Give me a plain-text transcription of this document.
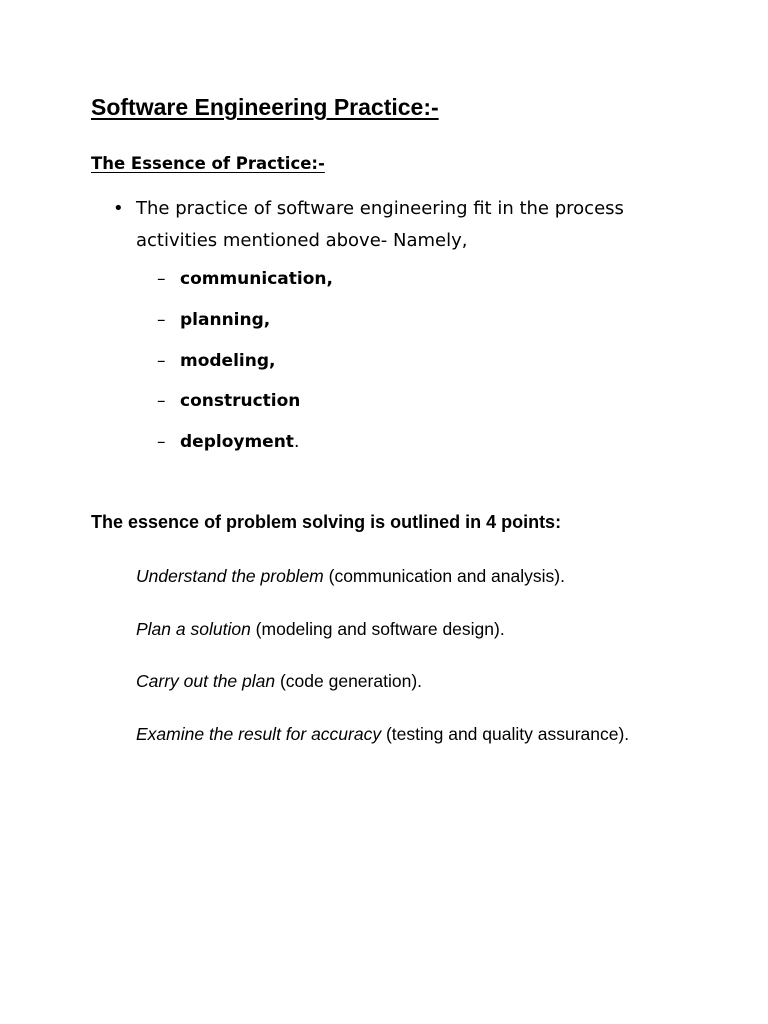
Software Engineering Practice:-
The Essence of Practice:-
• The practice of software engineering fit in the process activities mentioned above- Namely,
– communication,
– planning,
– modeling,
– construction
– deployment.
The essence of problem solving is outlined in 4 points:
Understand the problem (communication and analysis).
Plan a solution (modeling and software design).
Carry out the plan (code generation).
Examine the result for accuracy (testing and quality assurance).
